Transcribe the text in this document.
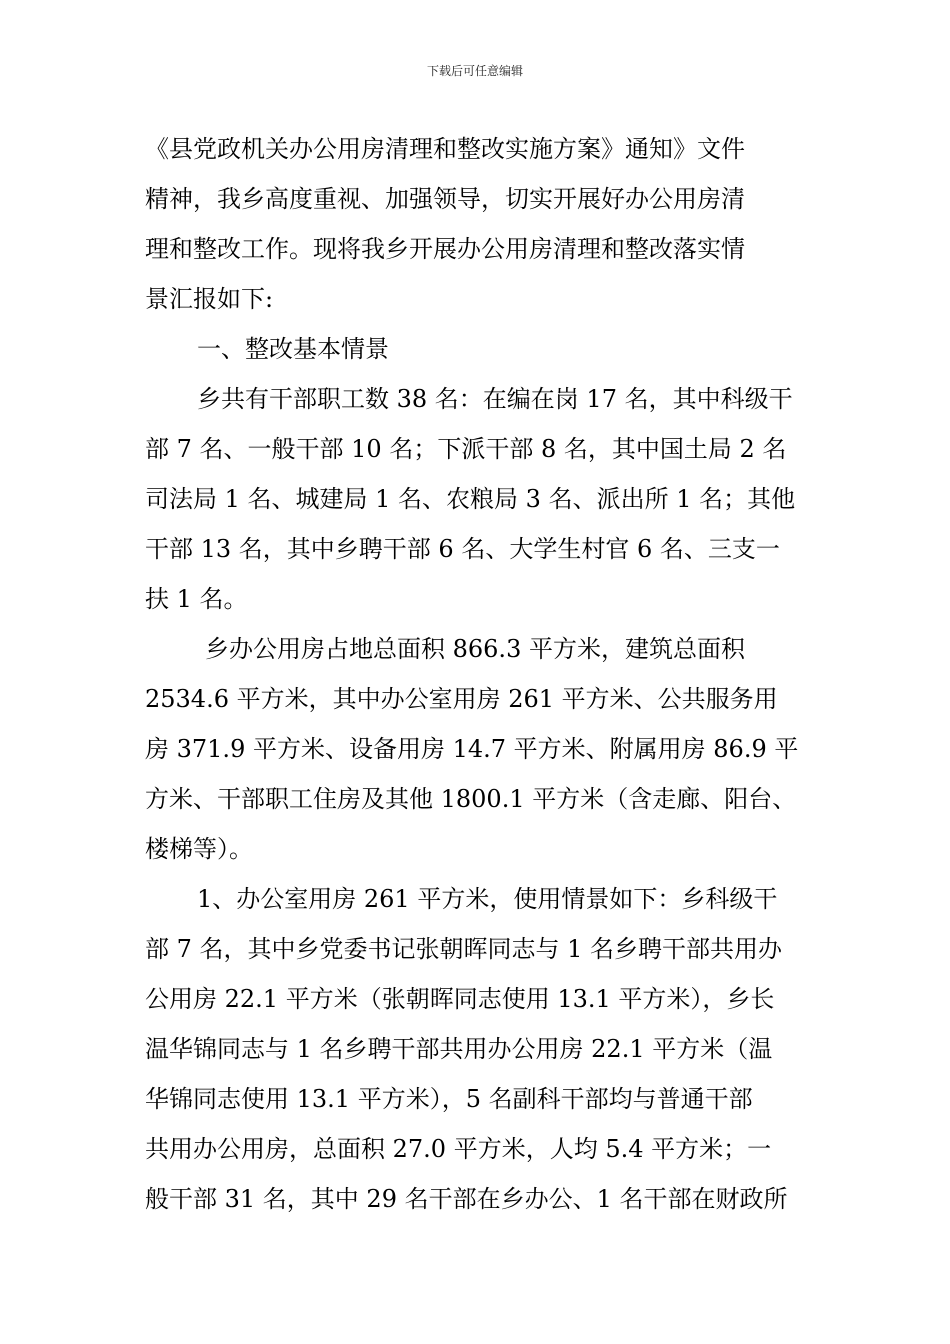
下载后可任意编辑
《县党政机关办公用房清理和整改实施方案》通知》文件
精神，我乡高度重视、加强领导，切实开展好办公用房清
理和整改工作。现将我乡开展办公用房清理和整改落实情
景汇报如下:
一、整改基本情景
乡共有干部职工数 38 名：在编在岗 17 名，其中科级干
部 7 名、一般干部 10 名；下派干部 8 名，其中国土局 2 名
司法局 1 名、城建局 1 名、农粮局 3 名、派出所 1 名；其他
干部 13 名，其中乡聘干部 6 名、大学生村官 6 名、三支一
扶 1 名。
乡办公用房占地总面积 866.3 平方米，建筑总面积
2534.6 平方米，其中办公室用房 261 平方米、公共服务用
房 371.9 平方米、设备用房 14.7 平方米、附属用房 86.9 平
方米、干部职工住房及其他 1800.1 平方米（含走廊、阳台、
楼梯等）。
1、办公室用房 261 平方米，使用情景如下：乡科级干
部 7 名，其中乡党委书记张朝晖同志与 1 名乡聘干部共用办
公用房 22.1 平方米（张朝晖同志使用 13.1 平方米），乡长
温华锦同志与 1 名乡聘干部共用办公用房 22.1 平方米（温
华锦同志使用 13.1 平方米），5 名副科干部均与普通干部
共用办公用房，总面积 27.0 平方米，人均 5.4 平方米；一
般干部 31 名，其中 29 名干部在乡办公、1 名干部在财政所
